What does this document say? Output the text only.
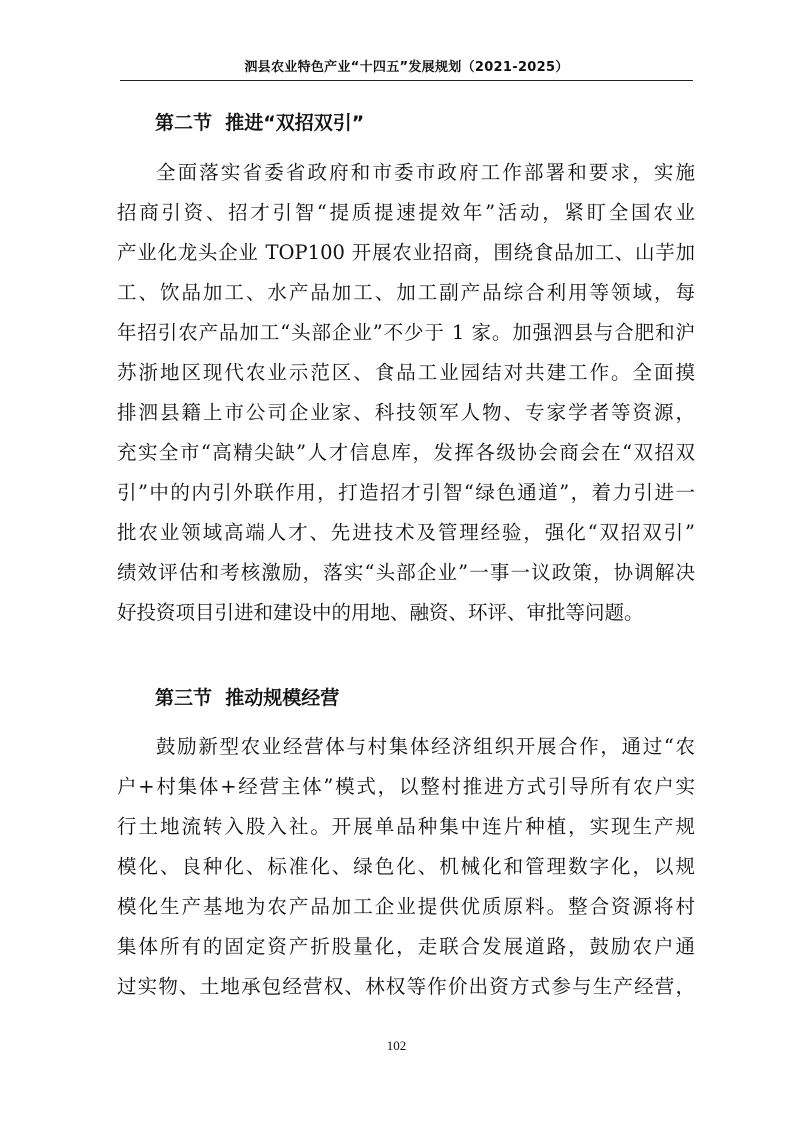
泗县农业特色产业“十四五”发展规划（2021-2025）
第二节  推进“双招双引”
全面落实省委省政府和市委市政府工作部署和要求，实施
招商引资、招才引智“提质提速提效年”活动，紧盯全国农业
产业化龙头企业 TOP100 开展农业招商，围绕食品加工、山芋加
工、饮品加工、水产品加工、加工副产品综合利用等领域，每
年招引农产品加工“头部企业”不少于 1 家。加强泗县与合肥和沪
苏浙地区现代农业示范区、食品工业园结对共建工作。全面摸
排泗县籍上市公司企业家、科技领军人物、专家学者等资源，
充实全市“高精尖缺”人才信息库，发挥各级协会商会在“双招双
引”中的内引外联作用，打造招才引智“绿色通道”，着力引进一
批农业领域高端人才、先进技术及管理经验，强化“双招双引”
绩效评估和考核激励，落实“头部企业”一事一议政策，协调解决
好投资项目引进和建设中的用地、融资、环评、审批等问题。
第三节  推动规模经营
鼓励新型农业经营体与村集体经济组织开展合作，通过“农
户+村集体+经营主体”模式，以整村推进方式引导所有农户实
行土地流转入股入社。开展单品种集中连片种植，实现生产规
模化、良种化、标准化、绿色化、机械化和管理数字化，以规
模化生产基地为农产品加工企业提供优质原料。整合资源将村
集体所有的固定资产折股量化，走联合发展道路，鼓励农户通
过实物、土地承包经营权、林权等作价出资方式参与生产经营，
102
